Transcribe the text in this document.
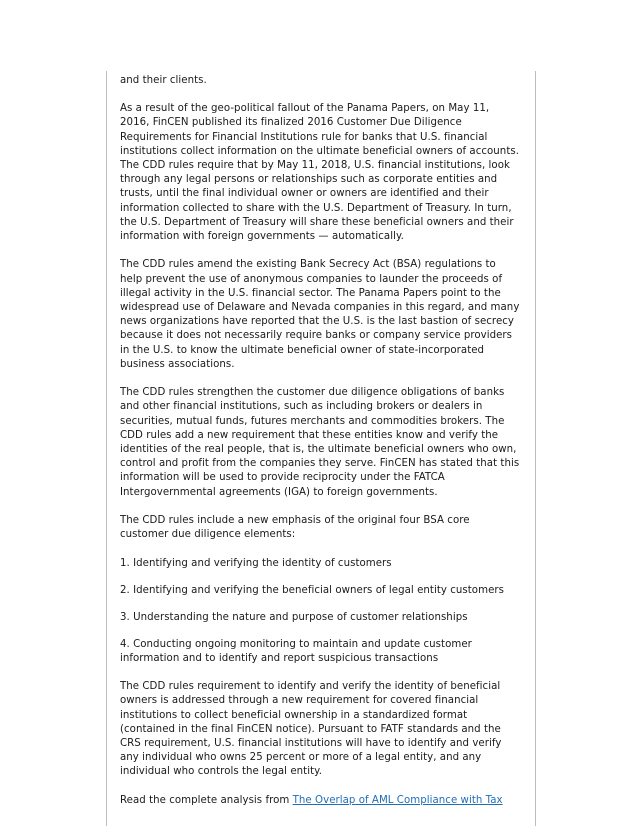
and their clients.

As a result of the geo-political fallout of the Panama Papers, on May 11, 2016, FinCEN published its finalized 2016 Customer Due Diligence Requirements for Financial Institutions rule for banks that U.S. financial institutions collect information on the ultimate beneficial owners of accounts. The CDD rules require that by May 11, 2018, U.S. financial institutions, look through any legal persons or relationships such as corporate entities and trusts, until the final individual owner or owners are identified and their information collected to share with the U.S. Department of Treasury. In turn, the U.S. Department of Treasury will share these beneficial owners and their information with foreign governments — automatically.

The CDD rules amend the existing Bank Secrecy Act (BSA) regulations to help prevent the use of anonymous companies to launder the proceeds of illegal activity in the U.S. financial sector. The Panama Papers point to the widespread use of Delaware and Nevada companies in this regard, and many news organizations have reported that the U.S. is the last bastion of secrecy because it does not necessarily require banks or company service providers in the U.S. to know the ultimate beneficial owner of state-incorporated business associations.

The CDD rules strengthen the customer due diligence obligations of banks and other financial institutions, such as including brokers or dealers in securities, mutual funds, futures merchants and commodities brokers. The CDD rules add a new requirement that these entities know and verify the identities of the real people, that is, the ultimate beneficial owners who own, control and profit from the companies they serve. FinCEN has stated that this information will be used to provide reciprocity under the FATCA Intergovernmental agreements (IGA) to foreign governments.

The CDD rules include a new emphasis of the original four BSA core customer due diligence elements:

1. Identifying and verifying the identity of customers

2. Identifying and verifying the beneficial owners of legal entity customers

3. Understanding the nature and purpose of customer relationships

4. Conducting ongoing monitoring to maintain and update customer information and to identify and report suspicious transactions

The CDD rules requirement to identify and verify the identity of beneficial owners is addressed through a new requirement for covered financial institutions to collect beneficial ownership in a standardized format (contained in the final FinCEN notice). Pursuant to FATF standards and the CRS requirement, U.S. financial institutions will have to identify and verify any individual who owns 25 percent or more of a legal entity, and any individual who controls the legal entity.

Read the complete analysis from The Overlap of AML Compliance with Tax
